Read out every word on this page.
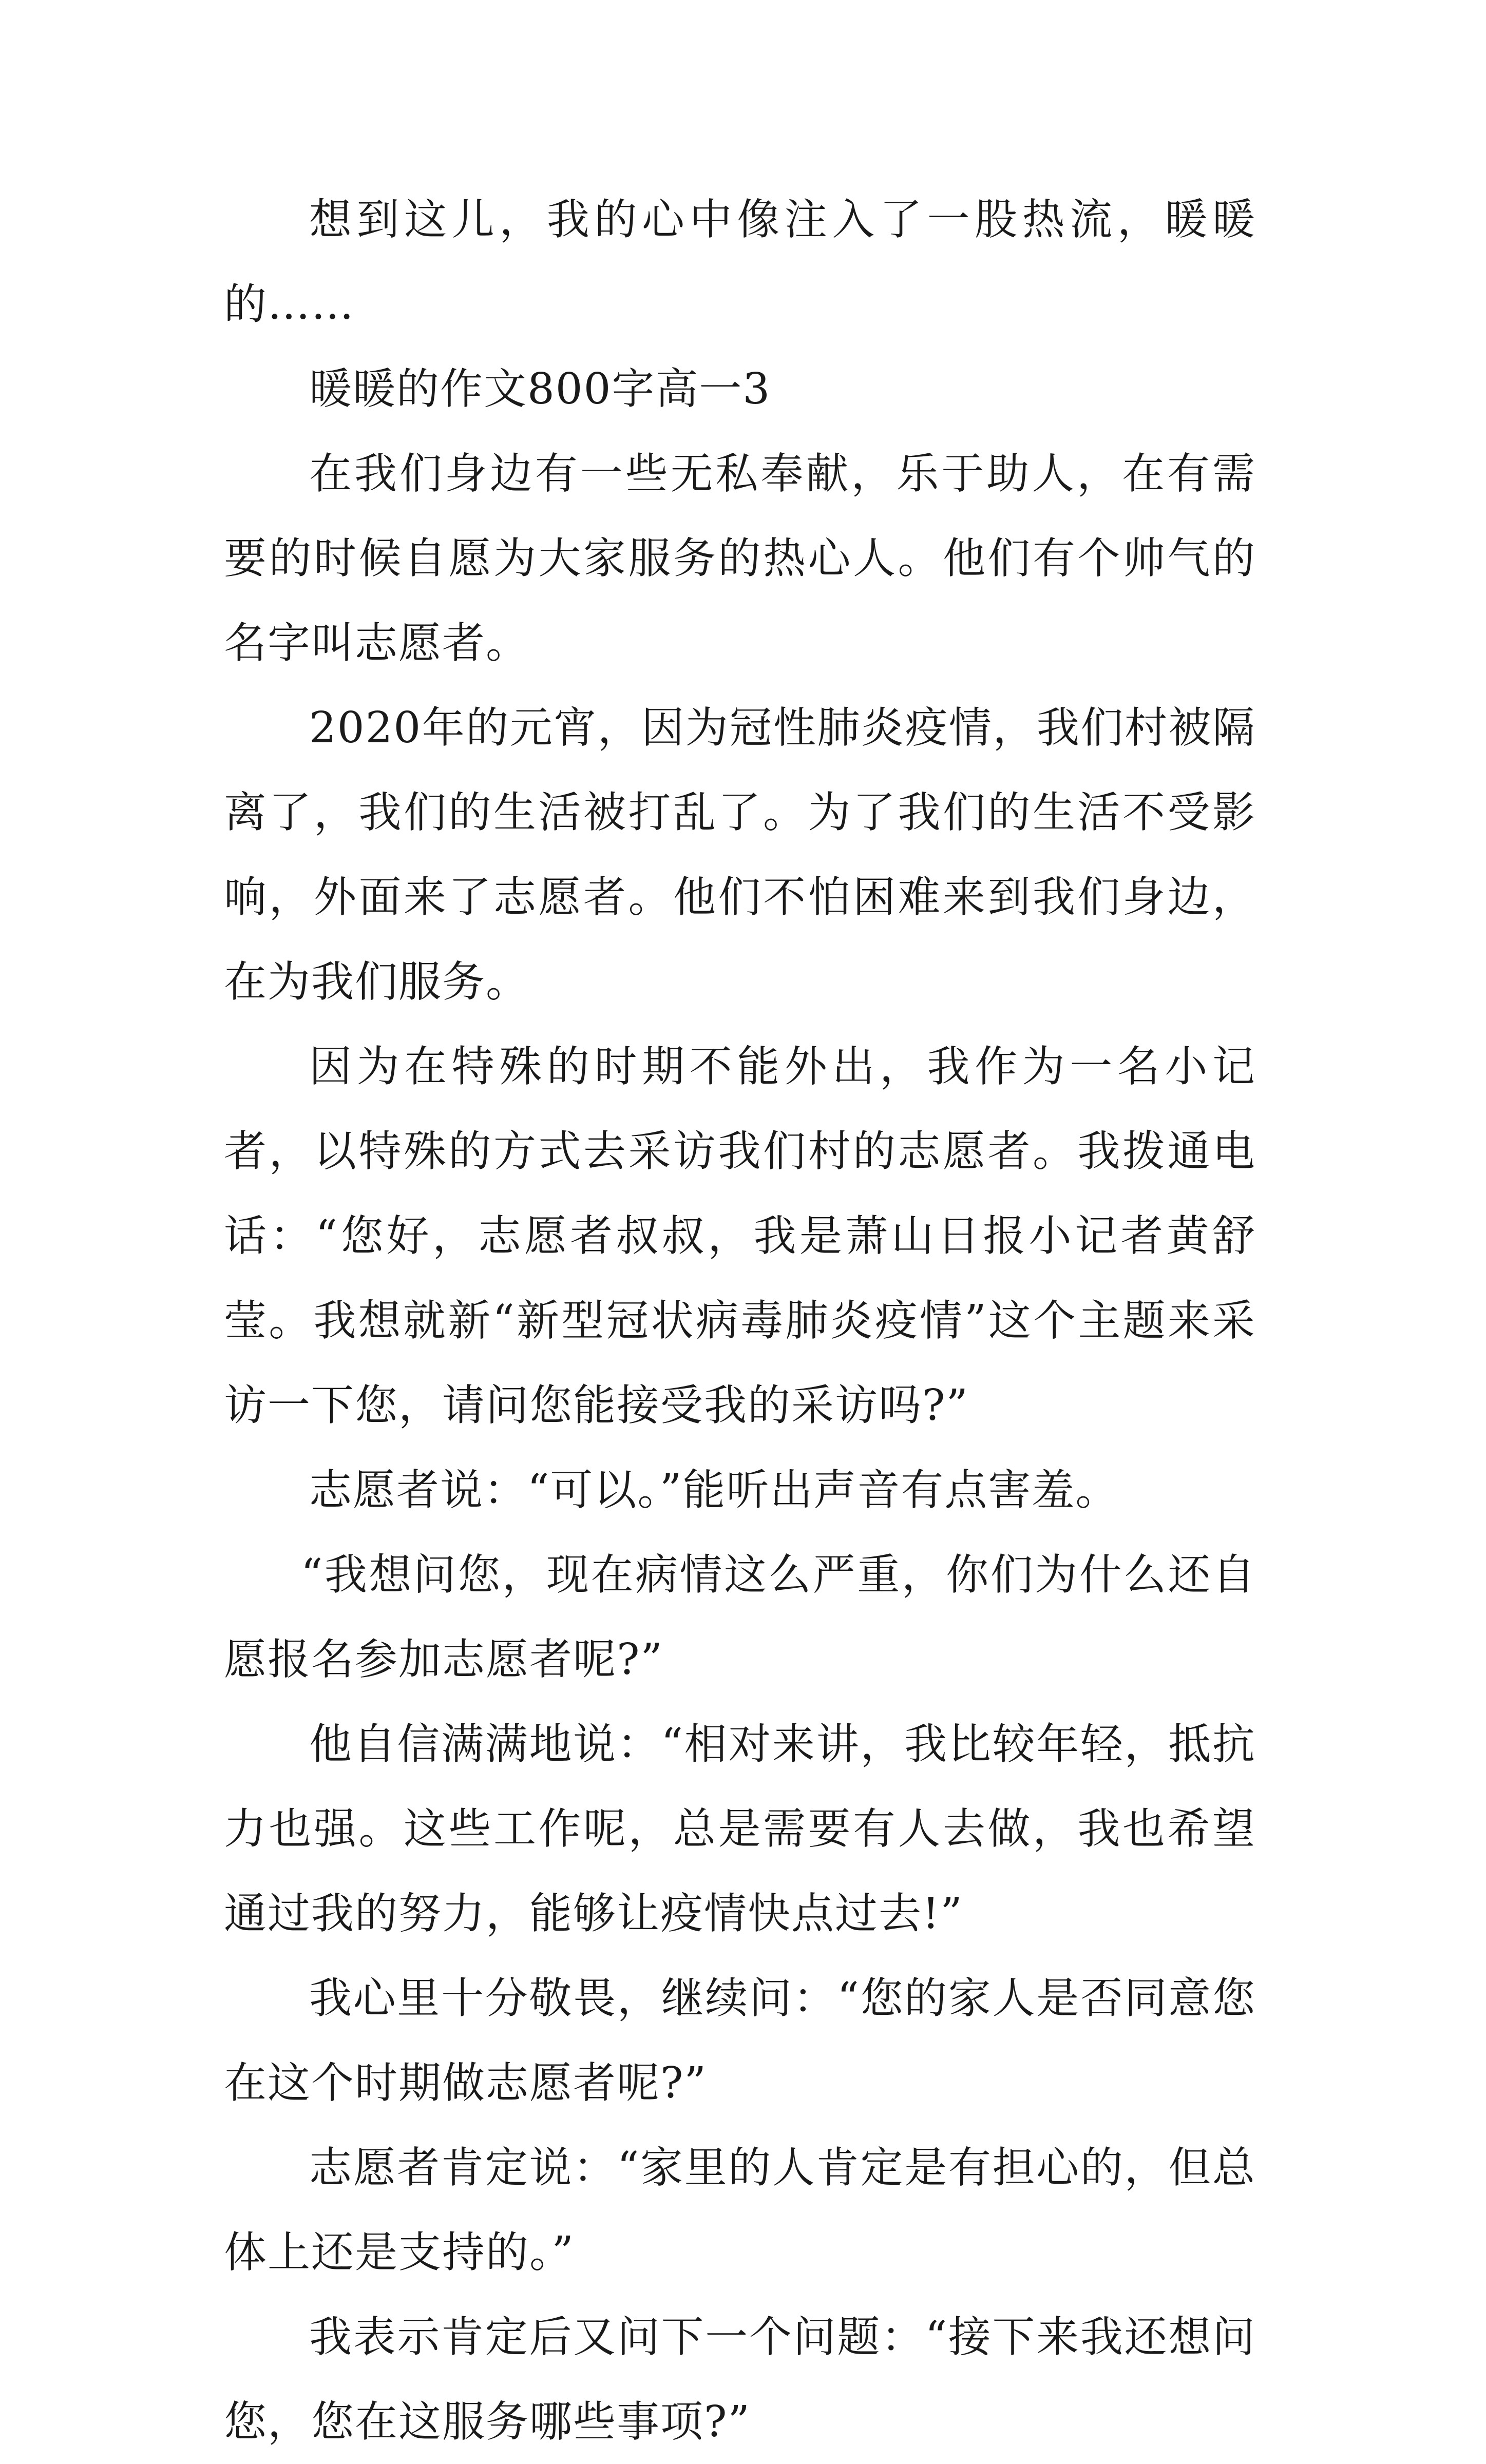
想到这儿，我的心中像注入了一股热流，暖暖的……

暖暖的作文800字高一3

在我们身边有一些无私奉献，乐于助人，在有需要的时候自愿为大家服务的热心人。他们有个帅气的名字叫志愿者。

2020年的元宵，因为冠性肺炎疫情，我们村被隔离了，我们的生活被打乱了。为了我们的生活不受影响，外面来了志愿者。他们不怕困难来到我们身边，在为我们服务。

因为在特殊的时期不能外出，我作为一名小记者，以特殊的方式去采访我们村的志愿者。我拨通电话：“您好，志愿者叔叔，我是萧山日报小记者黄舒莹。我想就新“新型冠状病毒肺炎疫情”这个主题来采访一下您，请问您能接受我的采访吗?”

志愿者说：“可以。”能听出声音有点害羞。

“我想问您，现在病情这么严重，你们为什么还自愿报名参加志愿者呢?”

他自信满满地说：“相对来讲，我比较年轻，抵抗力也强。这些工作呢，总是需要有人去做，我也希望通过我的努力，能够让疫情快点过去!”

我心里十分敬畏，继续问：“您的家人是否同意您在这个时期做志愿者呢?”

志愿者肯定说：“家里的人肯定是有担心的，但总体上还是支持的。”

我表示肯定后又问下一个问题：“接下来我还想问您，您在这服务哪些事项?”
